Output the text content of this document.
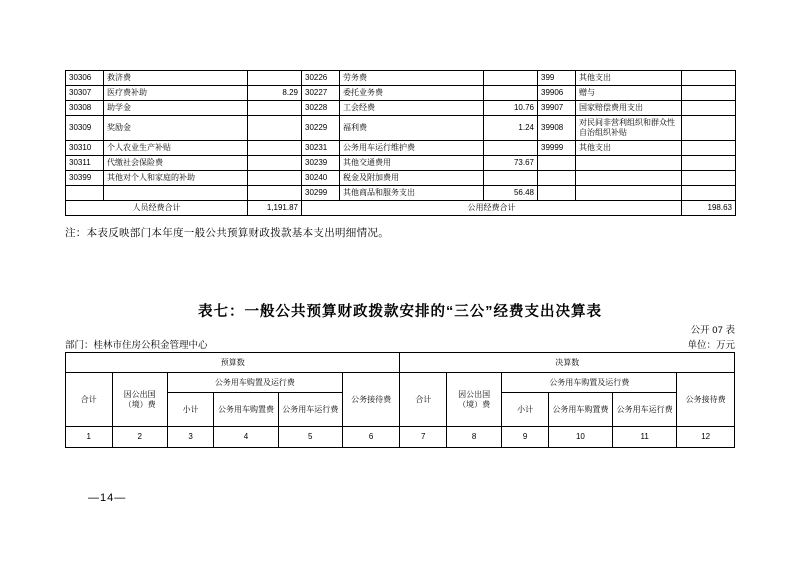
30306	救济费		30226	劳务费		399	其他支出	
30307	医疗费补助	8.29	30227	委托业务费		39906	赠与	
30308	助学金		30228	工会经费	10.76	39907	国家赔偿费用支出	
30309	奖励金		30229	福利费	1.24	39908	对民间非营利组织和群众性自治组织补贴	
30310	个人农业生产补贴		30231	公务用车运行维护费		39999	其他支出	
30311	代缴社会保险费		30239	其他交通费用	73.67			
30399	其他对个人和家庭的补助		30240	税金及附加费用				
			30299	其他商品和服务支出	56.48			
人员经费合计		1,191.87	公用经费合计					198.63
注：本表反映部门本年度一般公共预算财政拨款基本支出明细情况。
表七：一般公共预算财政拨款安排的“三公”经费支出决算表
公开 07 表
部门：桂林市住房公积金管理中心	单位：万元
预算数						决算数					
合计	因公出国（境）费	公务用车购置及运行费			公务接待费	合计	因公出国（境）费	公务用车购置及运行费			公务接待费
		小计	公务用车购置费	公务用车运行费				小计	公务用车购置费	公务用车运行费	
1	2	3	4	5	6	7	8	9	10	11	12
—14—
